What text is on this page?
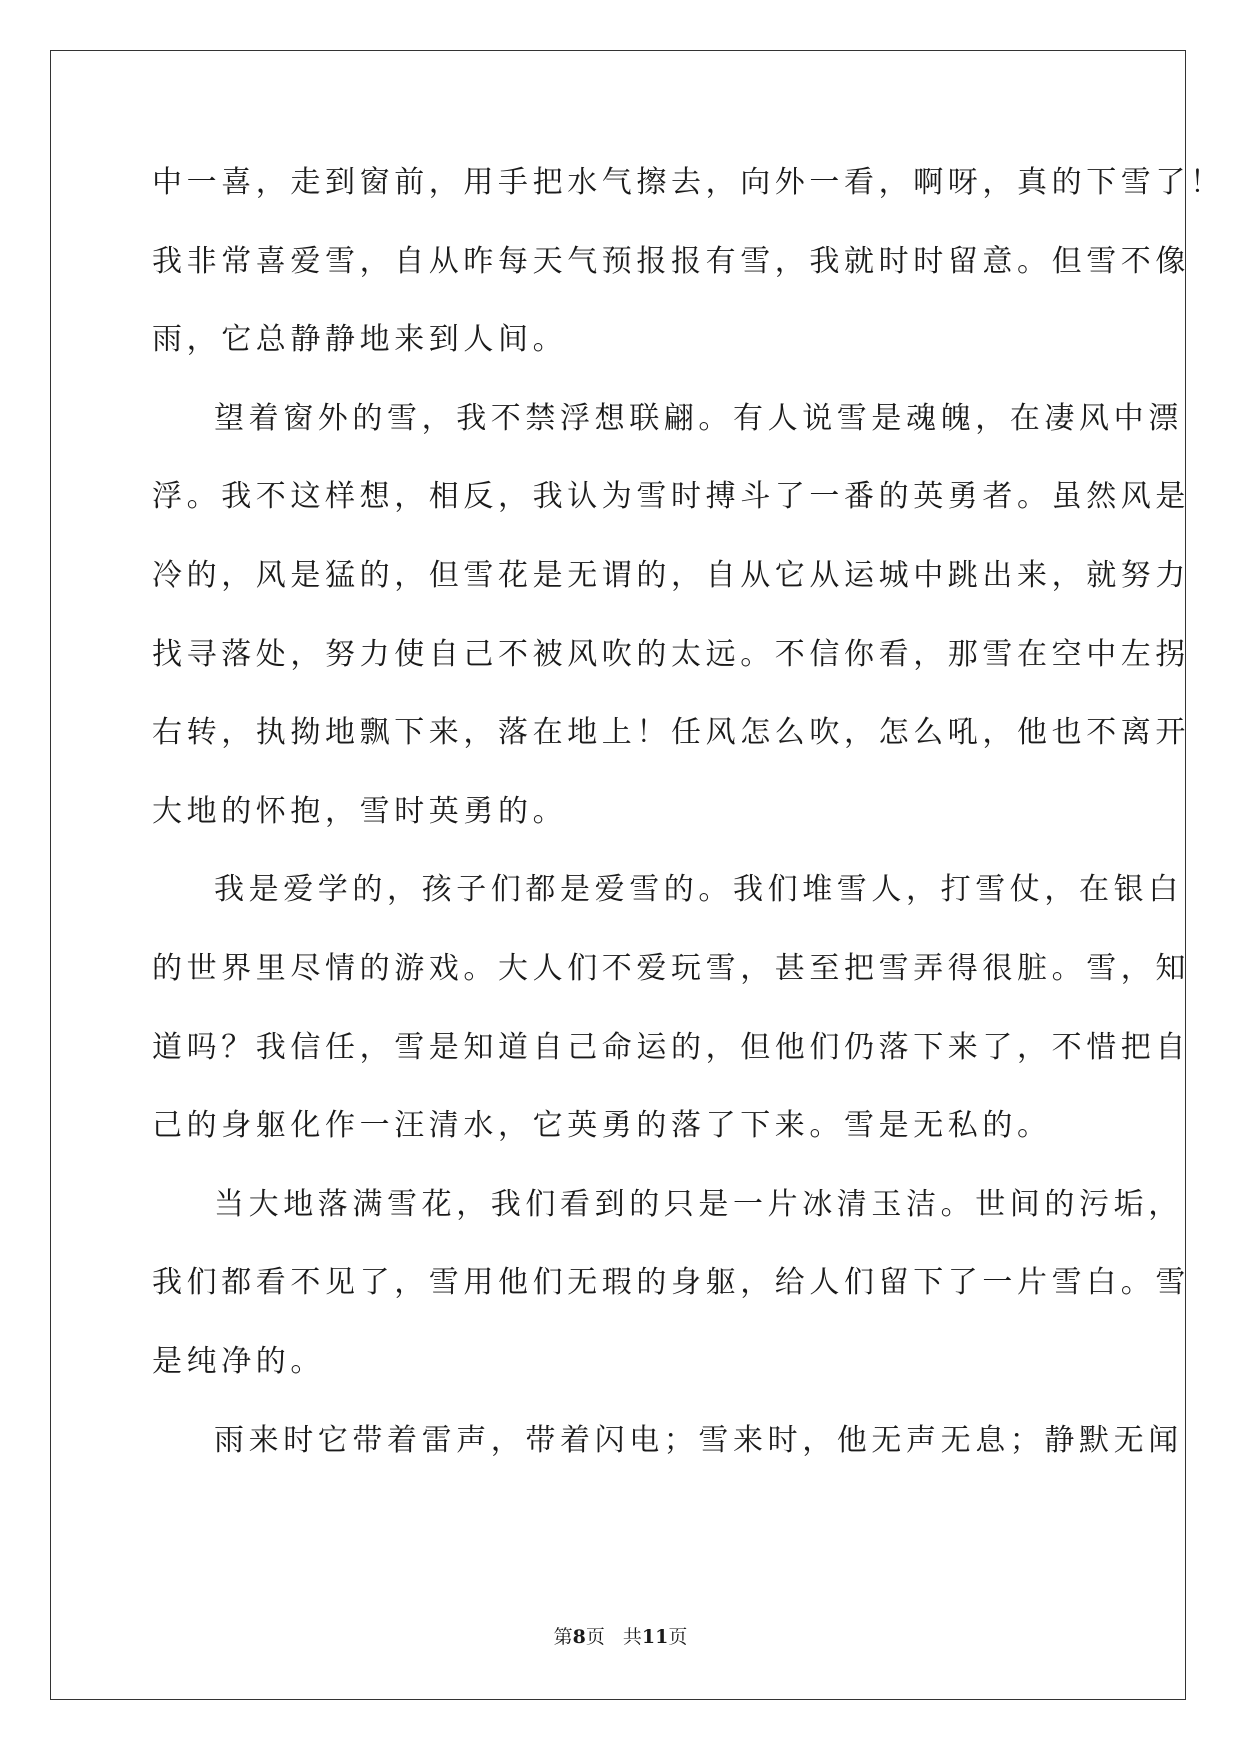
中一喜，走到窗前，用手把水气擦去，向外一看，啊呀，真的下雪了！
我非常喜爱雪，自从昨每天气预报报有雪，我就时时留意。但雪不像
雨，它总静静地来到人间。
望着窗外的雪，我不禁浮想联翩。有人说雪是魂魄，在凄风中漂
浮。我不这样想，相反，我认为雪时搏斗了一番的英勇者。虽然风是
冷的，风是猛的，但雪花是无谓的，自从它从运城中跳出来，就努力
找寻落处，努力使自己不被风吹的太远。不信你看，那雪在空中左拐
右转，执拗地飘下来，落在地上！任风怎么吹，怎么吼，他也不离开
大地的怀抱，雪时英勇的。
我是爱学的，孩子们都是爱雪的。我们堆雪人，打雪仗，在银白
的世界里尽情的游戏。大人们不爱玩雪，甚至把雪弄得很脏。雪，知
道吗？我信任，雪是知道自己命运的，但他们仍落下来了，不惜把自
己的身躯化作一汪清水，它英勇的落了下来。雪是无私的。
当大地落满雪花，我们看到的只是一片冰清玉洁。世间的污垢，
我们都看不见了，雪用他们无瑕的身躯，给人们留下了一片雪白。雪
是纯净的。
雨来时它带着雷声，带着闪电；雪来时，他无声无息；静默无闻
第8页 共11页
